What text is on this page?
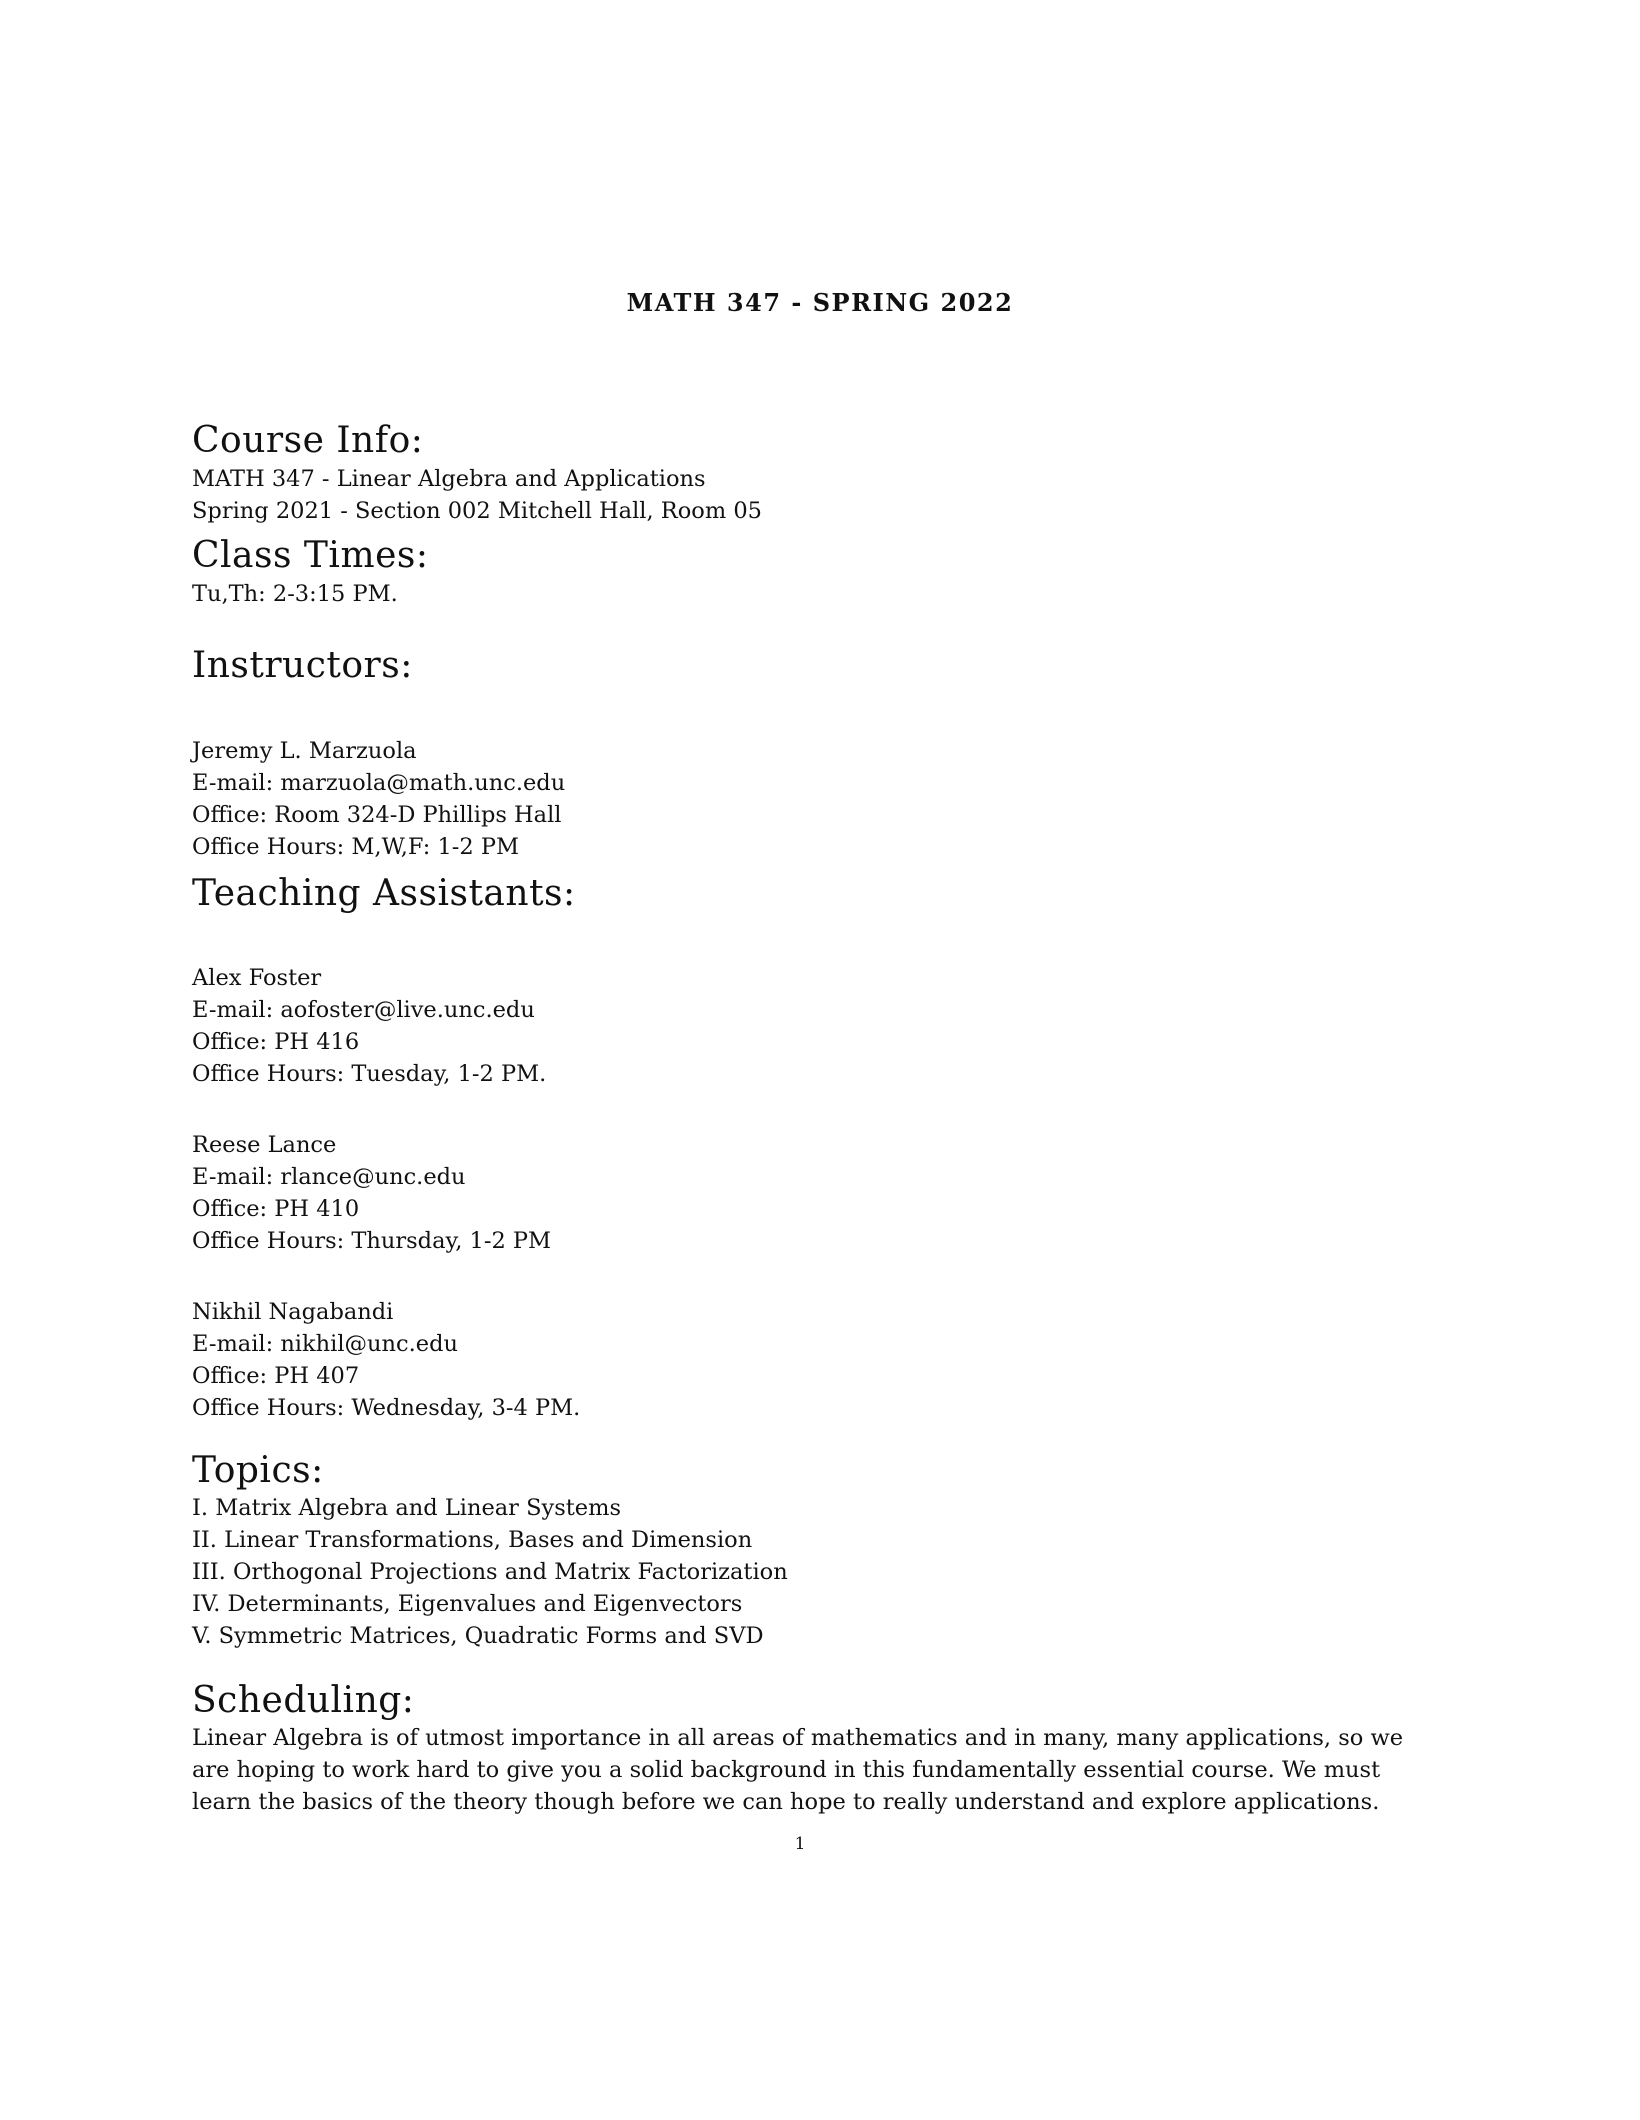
MATH 347 - SPRING 2022
Course Info:
MATH 347 - Linear Algebra and Applications
Spring 2021 - Section 002 Mitchell Hall, Room 05
Class Times:
Tu,Th: 2-3:15 PM.
Instructors:
Jeremy L. Marzuola
E-mail: marzuola@math.unc.edu
Office: Room 324-D Phillips Hall
Office Hours: M,W,F: 1-2 PM
Teaching Assistants:
Alex Foster
E-mail: aofoster@live.unc.edu
Office: PH 416
Office Hours: Tuesday, 1-2 PM.
Reese Lance
E-mail: rlance@unc.edu
Office: PH 410
Office Hours: Thursday, 1-2 PM
Nikhil Nagabandi
E-mail: nikhil@unc.edu
Office: PH 407
Office Hours: Wednesday, 3-4 PM.
Topics:
I. Matrix Algebra and Linear Systems
II. Linear Transformations, Bases and Dimension
III. Orthogonal Projections and Matrix Factorization
IV. Determinants, Eigenvalues and Eigenvectors
V. Symmetric Matrices, Quadratic Forms and SVD
Scheduling:
Linear Algebra is of utmost importance in all areas of mathematics and in many, many applications, so we
are hoping to work hard to give you a solid background in this fundamentally essential course. We must
learn the basics of the theory though before we can hope to really understand and explore applications.
1
